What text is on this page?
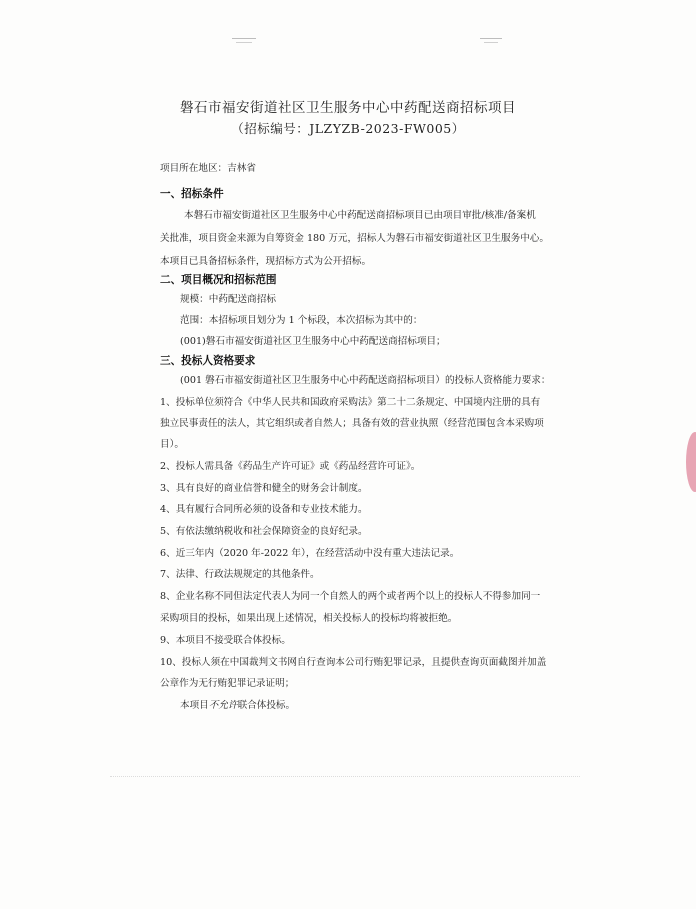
磐石市福安街道社区卫生服务中心中药配送商招标项目
（招标编号：JLZYZB-2023-FW005）
项目所在地区：吉林省
一、招标条件
本磐石市福安街道社区卫生服务中心中药配送商招标项目已由项目审批/核准/备案机
关批准，项目资金来源为自筹资金 180 万元，招标人为磐石市福安街道社区卫生服务中心。
本项目已具备招标条件，现招标方式为公开招标。
二、项目概况和招标范围
规模：中药配送商招标
范围：本招标项目划分为 1 个标段，本次招标为其中的：
(001)磐石市福安街道社区卫生服务中心中药配送商招标项目；
三、投标人资格要求
(001 磐石市福安街道社区卫生服务中心中药配送商招标项目）的投标人资格能力要求：
1、投标单位须符合《中华人民共和国政府采购法》第二十二条规定、中国境内注册的具有
独立民事责任的法人，其它组织或者自然人；具备有效的营业执照（经营范围包含本采购项
目）。
2、投标人需具备《药品生产许可证》或《药品经营许可证》。
3、具有良好的商业信誉和健全的财务会计制度。
4、具有履行合同所必须的设备和专业技术能力。
5、有依法缴纳税收和社会保障资金的良好纪录。
6、近三年内（2020 年-2022 年），在经营活动中没有重大违法记录。
7、法律、行政法规规定的其他条件。
8、企业名称不同但法定代表人为同一个自然人的两个或者两个以上的投标人不得参加同一
采购项目的投标，如果出现上述情况，相关投标人的投标均将被拒绝。
9、本项目不接受联合体投标。
10、投标人须在中国裁判文书网自行查询本公司行贿犯罪记录，且提供查询页面截图并加盖
公章作为无行贿犯罪记录证明；
本项目不允许联合体投标。
